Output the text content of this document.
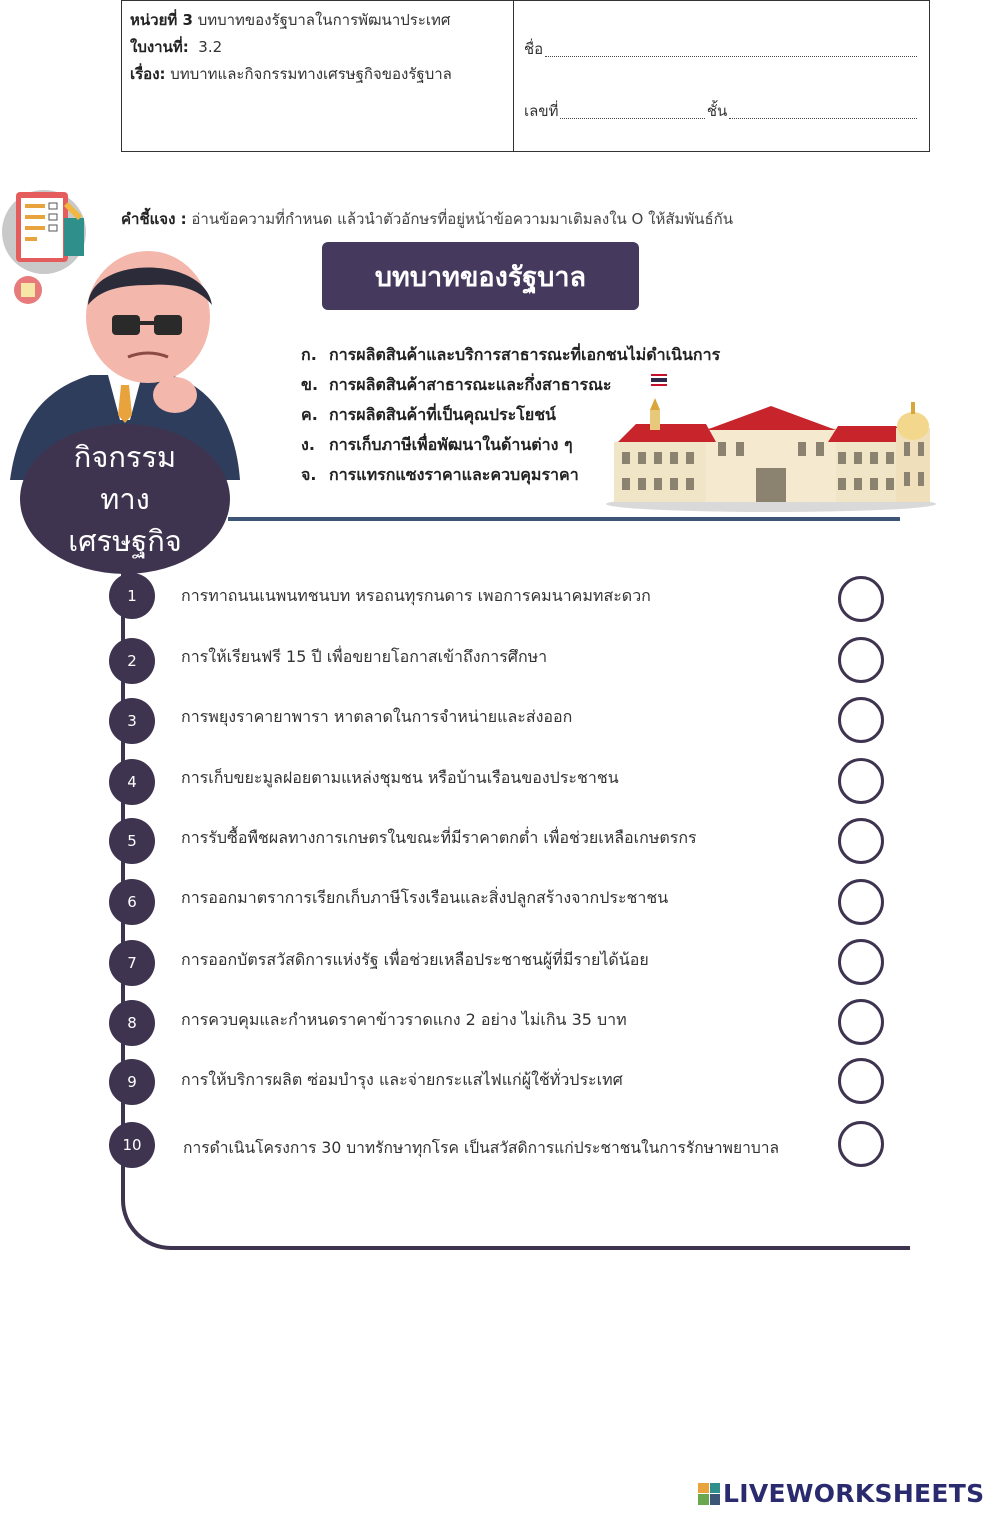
หน่วยที่ 3 บทบาทของรัฐบาลในการพัฒนาประเทศ
ใบงานที่: 3.2
เรื่อง: บทบาทและกิจกรรมทางเศรษฐกิจของรัฐบาล
ชื่อ
เลขที่	ชั้น
คำชี้แจง : อ่านข้อความที่กำหนด แล้วนำตัวอักษรที่อยู่หน้าข้อความมาเติมลงใน O ให้สัมพันธ์กัน
บทบาทของรัฐบาล
ก. การผลิตสินค้าและบริการสาธารณะที่เอกชนไม่ดำเนินการ
ข. การผลิตสินค้าสาธารณะและกึ่งสาธารณะ
ค. การผลิตสินค้าที่เป็นคุณประโยชน์
ง. การเก็บภาษีเพื่อพัฒนาในด้านต่าง ๆ
จ. การแทรกแซงราคาและควบคุมราคา
กิจกรรม
ทาง
เศรษฐกิจ
1	การทาถนนเนพนทชนบท หรอถนทุรกนดาร เพอการคมนาคมทสะดวก
2	การให้เรียนฟรี 15 ปี เพื่อขยายโอกาสเข้าถึงการศึกษา
3	การพยุงราคายาพารา หาตลาดในการจำหน่ายและส่งออก
4	การเก็บขยะมูลฝอยตามแหล่งชุมชน หรือบ้านเรือนของประชาชน
5	การรับซื้อพืชผลทางการเกษตรในขณะที่มีราคาตกต่ำ เพื่อช่วยเหลือเกษตรกร
6	การออกมาตราการเรียกเก็บภาษีโรงเรือนและสิ่งปลูกสร้างจากประชาชน
7	การออกบัตรสวัสดิการแห่งรัฐ เพื่อช่วยเหลือประชาชนผู้ที่มีรายได้น้อย
8	การควบคุมและกำหนดราคาข้าวราดแกง 2 อย่าง ไม่เกิน 35 บาท
9	การให้บริการผลิต ซ่อมบำรุง และจ่ายกระแสไฟแก่ผู้ใช้ทั่วประเทศ
10	การดำเนินโครงการ 30 บาทรักษาทุกโรค เป็นสวัสดิการแก่ประชาชนในการรักษาพยาบาล
LIVEWORKSHEETS
